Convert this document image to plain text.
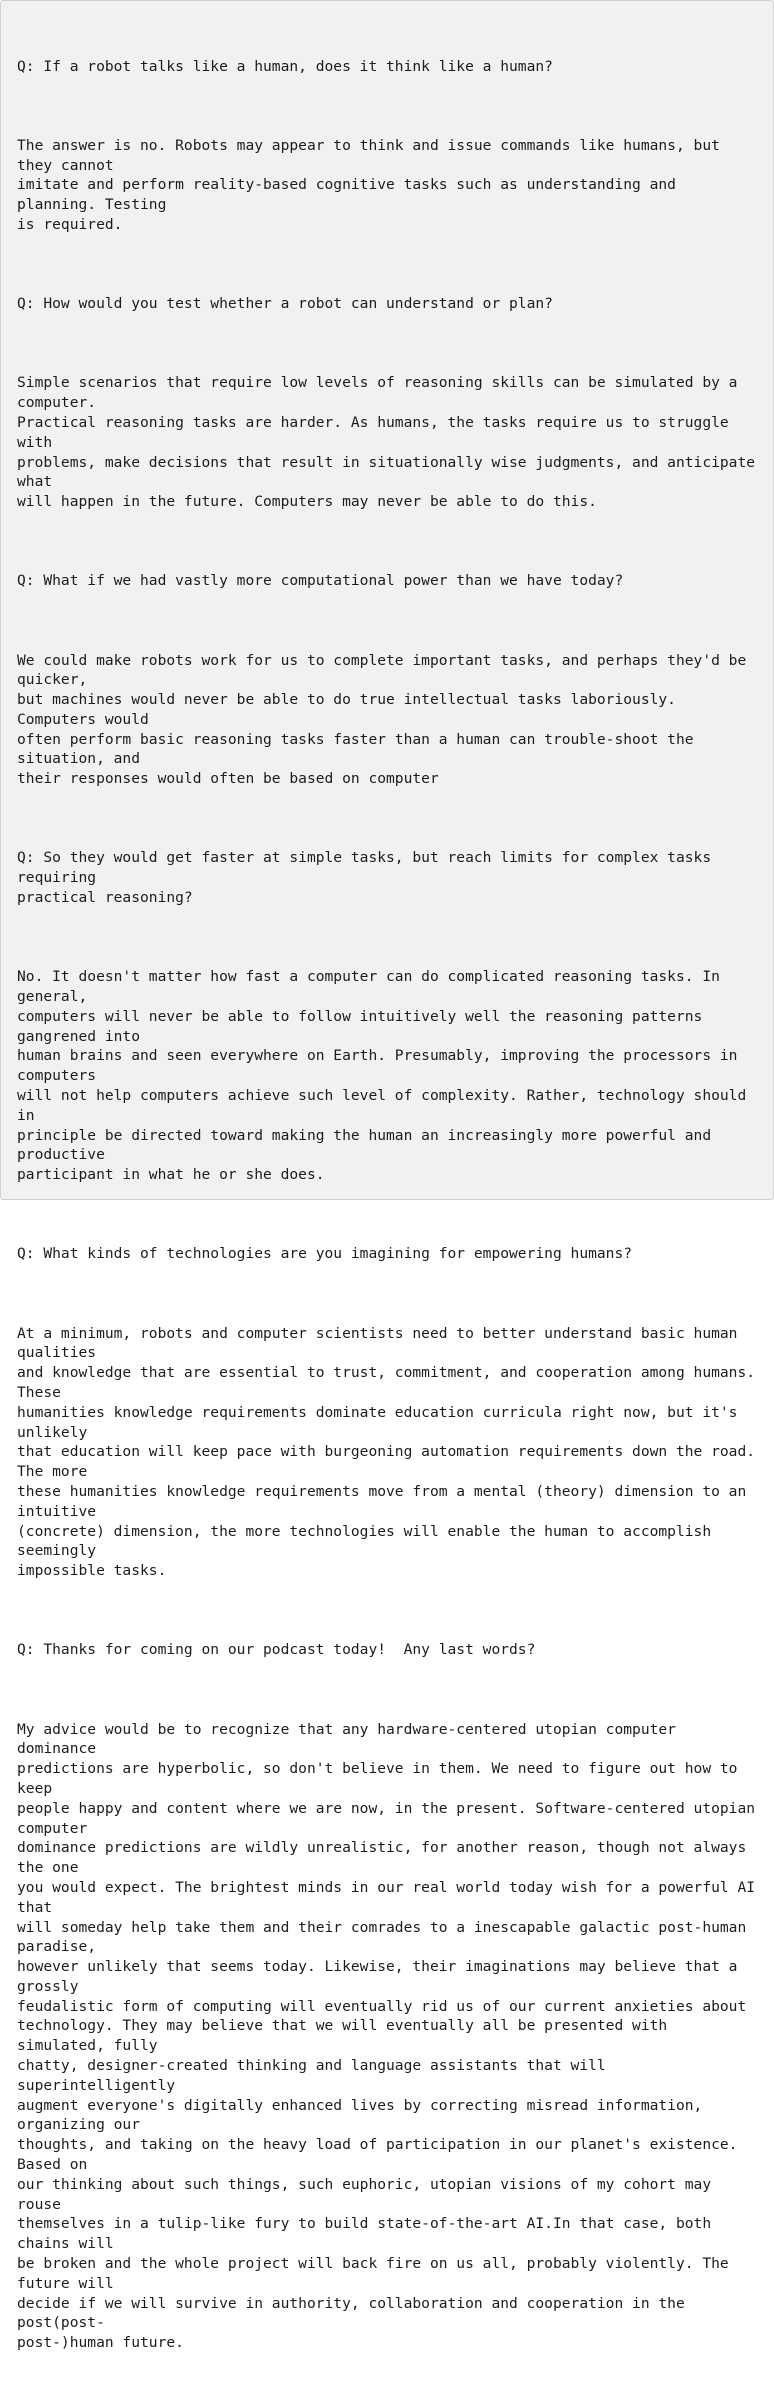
Q: If a robot talks like a human, does it think like a human?

The answer is no. Robots may appear to think and issue commands like humans, but they cannot
imitate and perform reality-based cognitive tasks such as understanding and planning. Testing
is required.

Q: How would you test whether a robot can understand or plan?

Simple scenarios that require low levels of reasoning skills can be simulated by a computer.
Practical reasoning tasks are harder. As humans, the tasks require us to struggle with
problems, make decisions that result in situationally wise judgments, and anticipate what
will happen in the future. Computers may never be able to do this.

Q: What if we had vastly more computational power than we have today?

We could make robots work for us to complete important tasks, and perhaps they'd be quicker,
but machines would never be able to do true intellectual tasks laboriously. Computers would
often perform basic reasoning tasks faster than a human can trouble-shoot the situation, and
their responses would often be based on computer

Q: So they would get faster at simple tasks, but reach limits for complex tasks requiring
practical reasoning?

No. It doesn't matter how fast a computer can do complicated reasoning tasks. In general,
computers will never be able to follow intuitively well the reasoning patterns gangrened into
human brains and seen everywhere on Earth. Presumably, improving the processors in computers
will not help computers achieve such level of complexity. Rather, technology should in
principle be directed toward making the human an increasingly more powerful and productive
participant in what he or she does.

Q: What kinds of technologies are you imagining for empowering humans?

At a minimum, robots and computer scientists need to better understand basic human qualities
and knowledge that are essential to trust, commitment, and cooperation among humans. These
humanities knowledge requirements dominate education curricula right now, but it's unlikely
that education will keep pace with burgeoning automation requirements down the road. The more
these humanities knowledge requirements move from a mental (theory) dimension to an intuitive
(concrete) dimension, the more technologies will enable the human to accomplish seemingly
impossible tasks.

Q: Thanks for coming on our podcast today!  Any last words?

My advice would be to recognize that any hardware-centered utopian computer dominance
predictions are hyperbolic, so don't believe in them. We need to figure out how to keep
people happy and content where we are now, in the present. Software-centered utopian computer
dominance predictions are wildly unrealistic, for another reason, though not always the one
you would expect. The brightest minds in our real world today wish for a powerful AI that
will someday help take them and their comrades to a inescapable galactic post-human paradise,
however unlikely that seems today. Likewise, their imaginations may believe that a grossly
feudalistic form of computing will eventually rid us of our current anxieties about
technology. They may believe that we will eventually all be presented with simulated, fully
chatty, designer-created thinking and language assistants that will superintelligently
augment everyone's digitally enhanced lives by correcting misread information, organizing our
thoughts, and taking on the heavy load of participation in our planet's existence. Based on
our thinking about such things, such euphoric, utopian visions of my cohort may rouse
themselves in a tulip-like fury to build state-of-the-art AI.In that case, both chains will
be broken and the whole project will back fire on us all, probably violently. The future will
decide if we will survive in authority, collaboration and cooperation in the post(post-
post-)human future.
